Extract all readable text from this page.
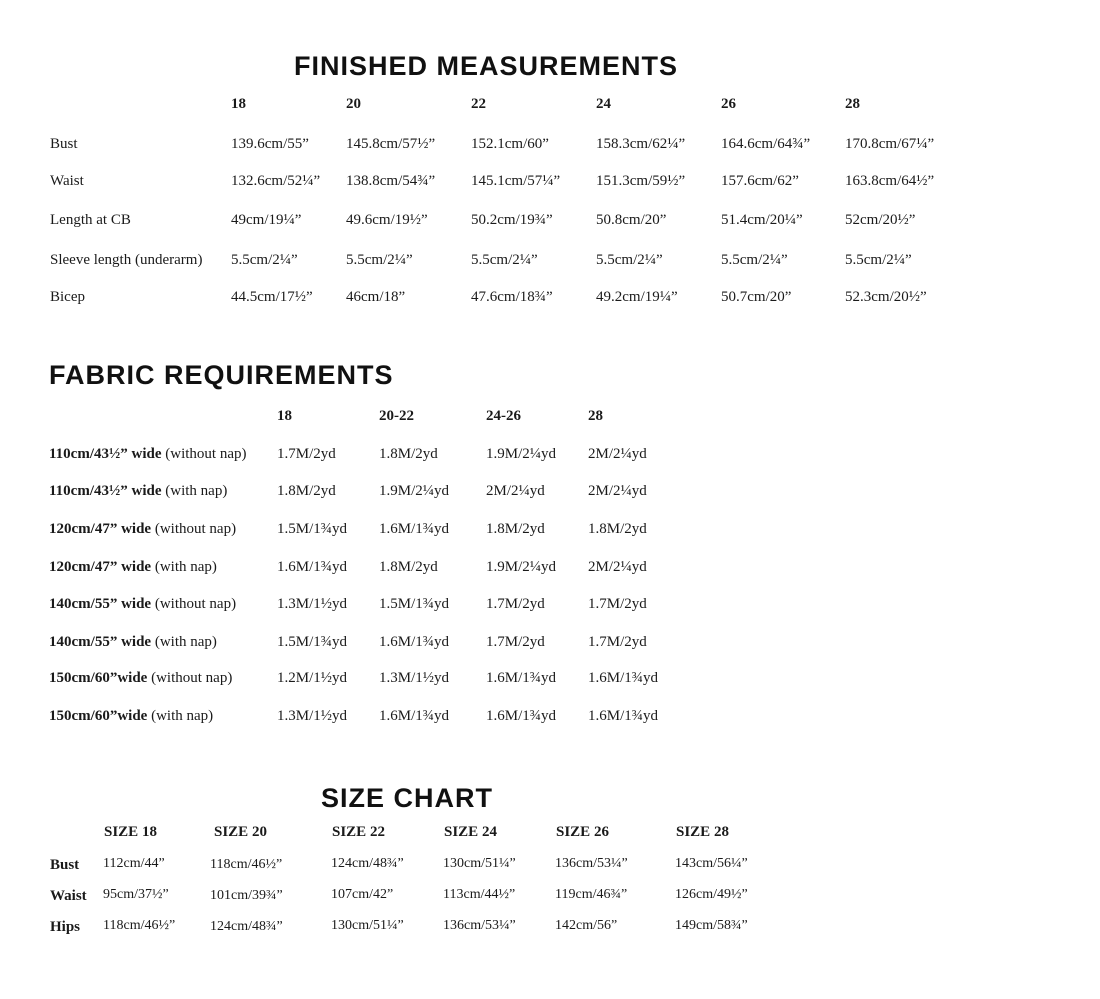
FINISHED MEASUREMENTS
18	20	22	24	26	28
Bust	139.6cm/55” 145.8cm/57½” 152.1cm/60”	158.3cm/62¼” 164.6cm/64¾” 170.8cm/67¼”
Waist	132.6cm/52¼” 138.8cm/54¾” 145.1cm/57¼” 151.3cm/59½” 157.6cm/62”	163.8cm/64½”
Length at CB	49cm/19¼”	49.6cm/19½”	50.2cm/19¾”	50.8cm/20”	51.4cm/20¼”	52cm/20½”
Sleeve length (underarm) 5.5cm/2¼”	5.5cm/2¼”	5.5cm/2¼”	5.5cm/2¼”	5.5cm/2¼”	5.5cm/2¼”
Bicep	44.5cm/17½” 46cm/18”	47.6cm/18¾”	49.2cm/19¼”	50.7cm/20”	52.3cm/20½”
FABRIC REQUIREMENTS
18	20-22	24-26	28
110cm/43½” wide (without nap) 1.7M/2yd	1.8M/2yd	1.9M/2¼yd 2M/2¼yd
110cm/43½” wide (with nap)	1.8M/2yd	1.9M/2¼yd 2M/2¼yd	2M/2¼yd
120cm/47” wide (without nap)	1.5M/1¾yd 1.6M/1¾yd 1.8M/2yd	1.8M/2yd
120cm/47” wide (with nap)	1.6M/1¾yd 1.8M/2yd	1.9M/2¼yd 2M/2¼yd
140cm/55” wide (without nap)	1.3M/1½yd 1.5M/1¾yd 1.7M/2yd	1.7M/2yd
140cm/55” wide (with nap)	1.5M/1¾yd 1.6M/1¾yd 1.7M/2yd	1.7M/2yd
150cm/60”wide (without nap)	1.2M/1½yd 1.3M/1½yd 1.6M/1¾yd 1.6M/1¾yd
150cm/60”wide (with nap)	1.3M/1½yd 1.6M/1¾yd 1.6M/1¾yd 1.6M/1¾yd
SIZE CHART
SIZE 18	SIZE 20	SIZE 22	SIZE 24	SIZE 26	SIZE 28
Bust 112cm/44”	118cm/46½”	124cm/48¾”	130cm/51¼”	136cm/53¼”	143cm/56¼”
Waist 95cm/37½”	101cm/39¾”	107cm/42”	113cm/44½”	119cm/46¾”	126cm/49½”
Hips 118cm/46½” 124cm/48¾”	130cm/51¼”	136cm/53¼”	142cm/56”	149cm/58¾”
